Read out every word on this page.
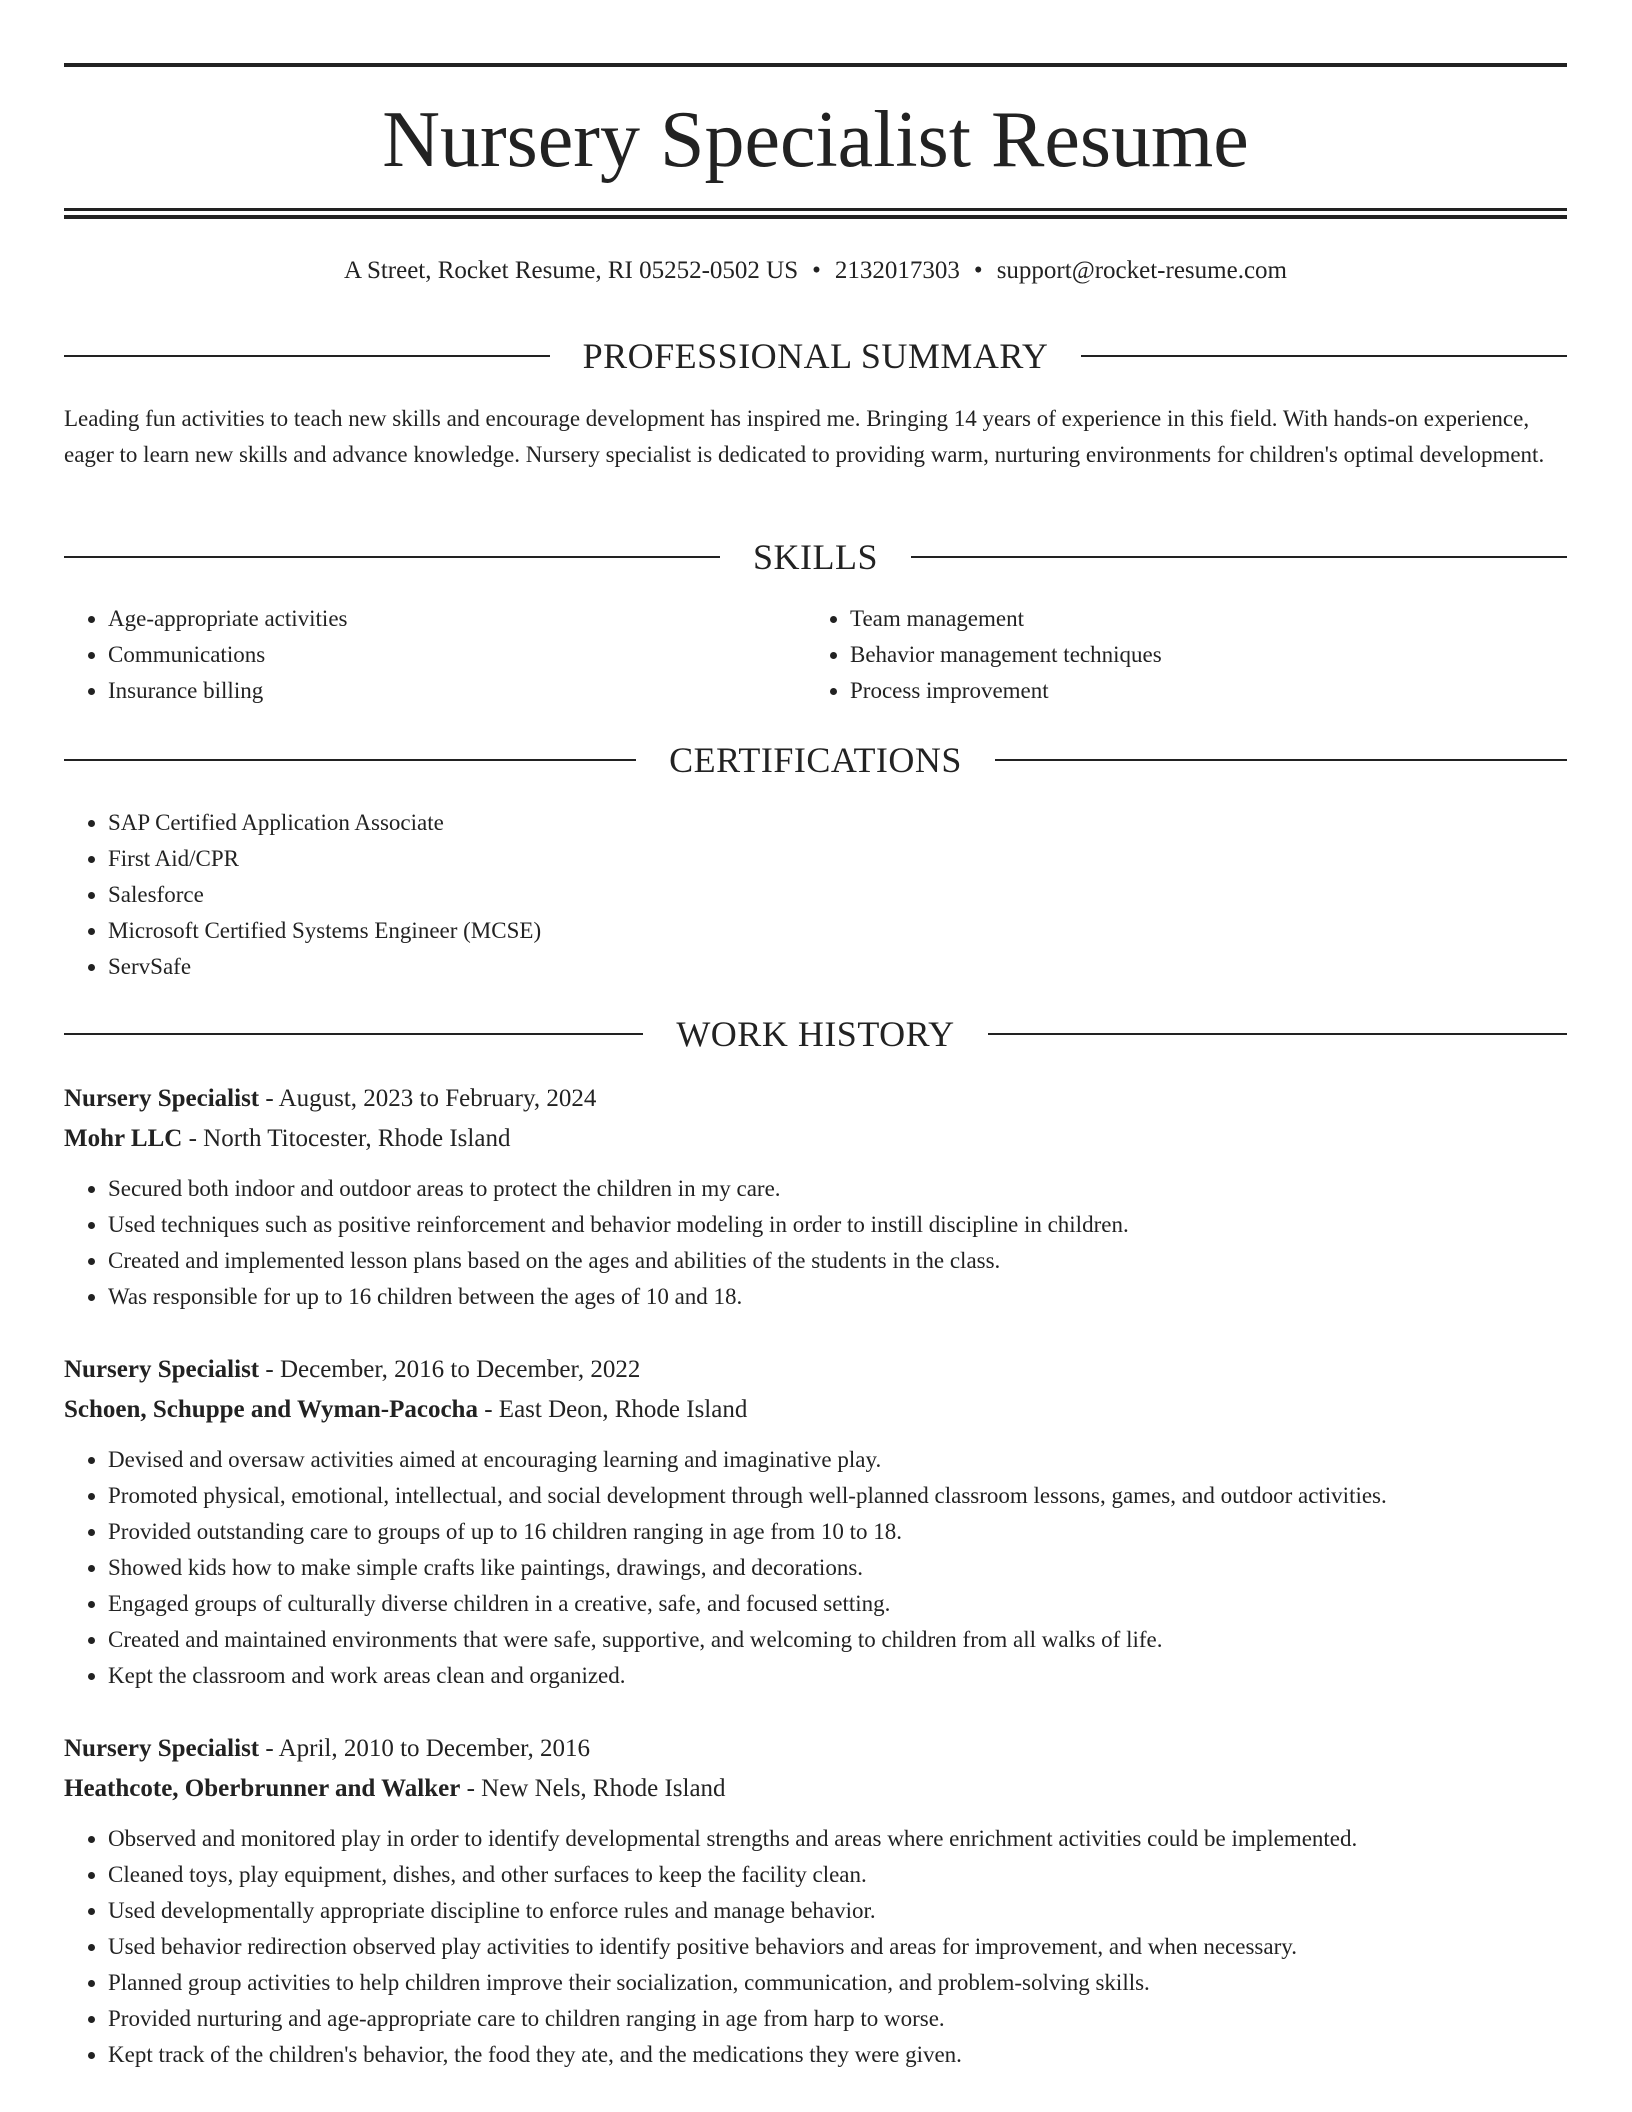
Nursery Specialist Resume
A Street, Rocket Resume, RI 05252-0502 US • 2132017303 • support@rocket-resume.com
PROFESSIONAL SUMMARY

Leading fun activities to teach new skills and encourage development has inspired me. Bringing 14 years of experience in this field. With hands-on experience, eager to learn new skills and advance knowledge. Nursery specialist is dedicated to providing warm, nurturing environments for children's optimal development.

SKILLS
• Age-appropriate activities
• Communications
• Insurance billing
• Team management
• Behavior management techniques
• Process improvement
CERTIFICATIONS
• SAP Certified Application Associate
• First Aid/CPR
• Salesforce
• Microsoft Certified Systems Engineer (MCSE)
• ServSafe
WORK HISTORY
Nursery Specialist - August, 2023 to February, 2024
Mohr LLC - North Titocester, Rhode Island
• Secured both indoor and outdoor areas to protect the children in my care.
• Used techniques such as positive reinforcement and behavior modeling in order to instill discipline in children.
• Created and implemented lesson plans based on the ages and abilities of the students in the class.
• Was responsible for up to 16 children between the ages of 10 and 18.
Nursery Specialist - December, 2016 to December, 2022
Schoen, Schuppe and Wyman-Pacocha - East Deon, Rhode Island
• Devised and oversaw activities aimed at encouraging learning and imaginative play.
• Promoted physical, emotional, intellectual, and social development through well-planned classroom lessons, games, and outdoor activities.
• Provided outstanding care to groups of up to 16 children ranging in age from 10 to 18.
• Showed kids how to make simple crafts like paintings, drawings, and decorations.
• Engaged groups of culturally diverse children in a creative, safe, and focused setting.
• Created and maintained environments that were safe, supportive, and welcoming to children from all walks of life.
• Kept the classroom and work areas clean and organized.
Nursery Specialist - April, 2010 to December, 2016
Heathcote, Oberbrunner and Walker - New Nels, Rhode Island
• Observed and monitored play in order to identify developmental strengths and areas where enrichment activities could be implemented.
• Cleaned toys, play equipment, dishes, and other surfaces to keep the facility clean.
• Used developmentally appropriate discipline to enforce rules and manage behavior.
• Used behavior redirection observed play activities to identify positive behaviors and areas for improvement, and when necessary.
• Planned group activities to help children improve their socialization, communication, and problem-solving skills.
• Provided nurturing and age-appropriate care to children ranging in age from harp to worse.
• Kept track of the children's behavior, the food they ate, and the medications they were given.
